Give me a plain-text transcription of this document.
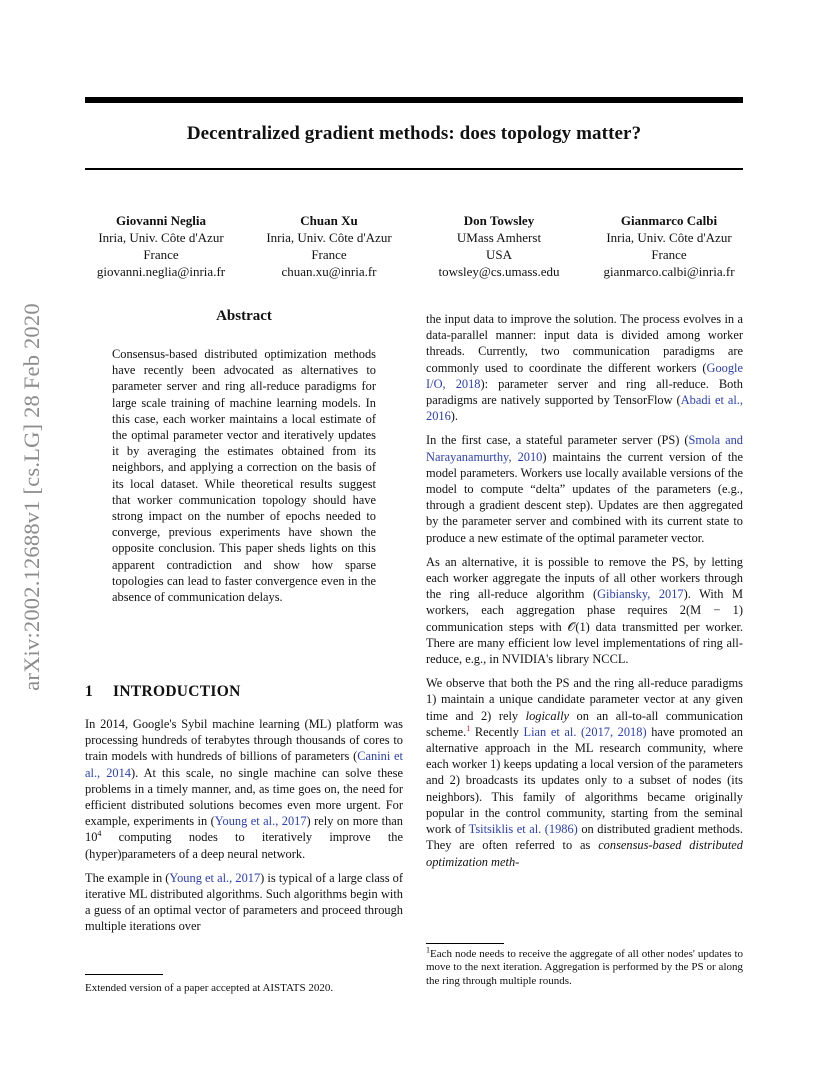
Decentralized gradient methods: does topology matter?
Giovanni Neglia
Inria, Univ. Côte d'Azur
France
giovanni.neglia@inria.fr
Chuan Xu
Inria, Univ. Côte d'Azur
France
chuan.xu@inria.fr
Don Towsley
UMass Amherst
USA
towsley@cs.umass.edu
Gianmarco Calbi
Inria, Univ. Côte d'Azur
France
gianmarco.calbi@inria.fr
arXiv:2002.12688v1 [cs.LG] 28 Feb 2020	Abstract
Consensus-based distributed optimization methods have recently been advocated as alternatives to parameter server and ring all-reduce paradigms for large scale training of machine learning models. In this case, each worker maintains a local estimate of the optimal parameter vector and iteratively updates it by averaging the estimates obtained from its neighbors, and applying a correction on the basis of its local dataset. While theoretical results suggest that worker communication topology should have strong impact on the number of epochs needed to converge, previous experiments have shown the opposite conclusion. This paper sheds lights on this apparent contradiction and show how sparse topologies can lead to faster convergence even in the absence of communication delays.
1 INTRODUCTION

In 2014, Google's Sybil machine learning (ML) platform was processing hundreds of terabytes through thousands of cores to train models with hundreds of billions of parameters (Canini et al., 2014). At this scale, no single machine can solve these problems in a timely manner, and, as time goes on, the need for efficient distributed solutions becomes even more urgent. For example, experiments in (Young et al., 2017) rely on more than $10^4$ computing nodes to iteratively improve the (hyper)parameters of a deep neural network.

The example in (Young et al., 2017) is typical of a large class of iterative ML distributed algorithms. Such algorithms begin with a guess of an optimal vector of parameters and proceed through multiple iterations over

Extended version of a paper accepted at AISTATS 2020.

the input data to improve the solution. The process evolves in a data-parallel manner: input data is divided among worker threads. Currently, two communication paradigms are commonly used to coordinate the different workers (Google I/O, 2018): parameter server and ring all-reduce. Both paradigms are natively supported by TensorFlow (Abadi et al., 2016).

In the first case, a stateful parameter server (PS) (Smola and Narayanamurthy, 2010) maintains the current version of the model parameters. Workers use locally available versions of the model to compute “delta” updates of the parameters (e.g., through a gradient descent step). Updates are then aggregated by the parameter server and combined with its current state to produce a new estimate of the optimal parameter vector.

As an alternative, it is possible to remove the PS, by letting each worker aggregate the inputs of all other workers through the ring all-reduce algorithm (Gibiansky, 2017). With M workers, each aggregation phase requires 2(M − 1) communication steps with 𝒪(1) data transmitted per worker. There are many efficient low level implementations of ring all-reduce, e.g., in NVIDIA's library NCCL.

We observe that both the PS and the ring all-reduce paradigms 1) maintain a unique candidate parameter vector at any given time and 2) rely logically on an all-to-all communication scheme.$^1$ Recently Lian et al. (2017, 2018) have promoted an alternative approach in the ML research community, where each worker 1) keeps updating a local version of the parameters and 2) broadcasts its updates only to a subset of nodes (its neighbors). This family of algorithms became originally popular in the control community, starting from the seminal work of Tsitsiklis et al. (1986) on distributed gradient methods. They are often referred to as consensus-based distributed optimization meth-

$^1$Each node needs to receive the aggregate of all other nodes' updates to move to the next iteration. Aggregation is performed by the PS or along the ring through multiple rounds.
